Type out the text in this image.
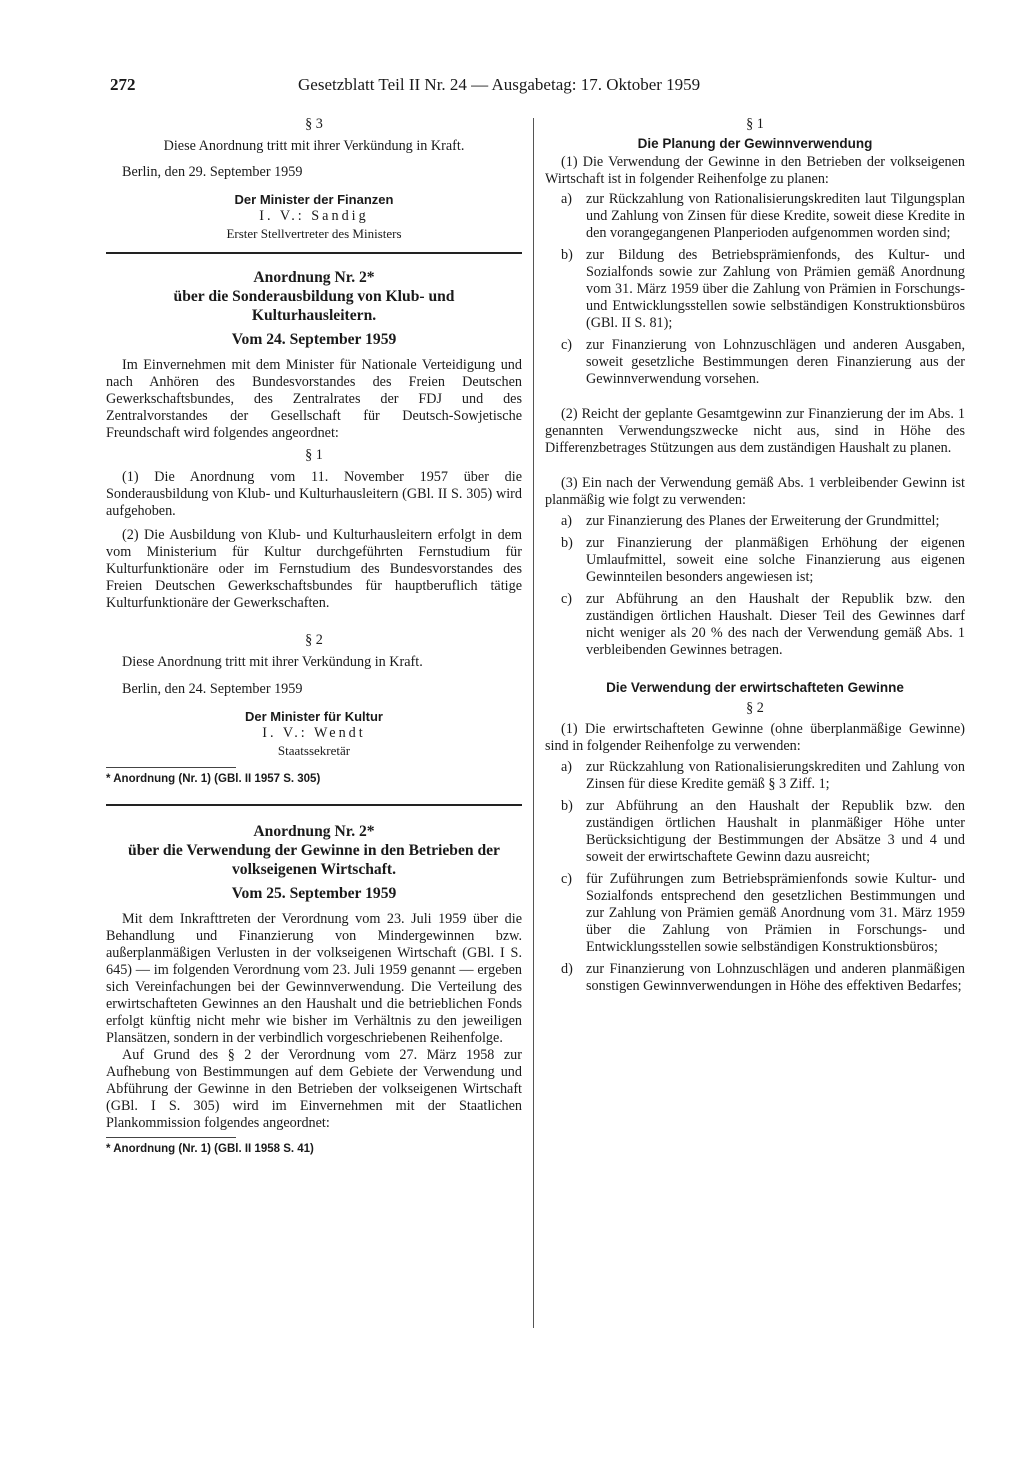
272	Gesetzblatt Teil II Nr. 24 — Ausgabetag: 17. Oktober 1959

§ 3

Diese Anordnung tritt mit ihrer Verkündung in Kraft.

Berlin, den 29. September 1959

Der Minister der Finanzen

I. V.: Sandig

Erster Stellvertreter des Ministers

Anordnung Nr. 2*

über die Sonderausbildung von Klub- und Kulturhausleitern.

Vom 24. September 1959

Im Einvernehmen mit dem Minister für Nationale Verteidigung und nach Anhören des Bundesvorstandes des Freien Deutschen Gewerkschaftsbundes, des Zentralrates der FDJ und des Zentralvorstandes der Gesellschaft für Deutsch-Sowjetische Freundschaft wird folgendes angeordnet:

§ 1

(1) Die Anordnung vom 11. November 1957 über die Sonderausbildung von Klub- und Kulturhausleitern (GBl. II S. 305) wird aufgehoben.

(2) Die Ausbildung von Klub- und Kulturhausleitern erfolgt in dem vom Ministerium für Kultur durchgeführten Fernstudium für Kulturfunktionäre oder im Fernstudium des Bundesvorstandes des Freien Deutschen Gewerkschaftsbundes für hauptberuflich tätige Kulturfunktionäre der Gewerkschaften.

§ 2

Diese Anordnung tritt mit ihrer Verkündung in Kraft.

Berlin, den 24. September 1959

Der Minister für Kultur

I. V.: Wendt

Staatssekretär

* Anordnung (Nr. 1) (GBl. II 1957 S. 305)

Anordnung Nr. 2*

über die Verwendung der Gewinne in den Betrieben der volkseigenen Wirtschaft.

Vom 25. September 1959

Mit dem Inkrafttreten der Verordnung vom 23. Juli 1959 über die Behandlung und Finanzierung von Mindergewinnen bzw. außerplanmäßigen Verlusten in der volkseigenen Wirtschaft (GBl. I S. 645) — im folgenden Verordnung vom 23. Juli 1959 genannt — ergeben sich Vereinfachungen bei der Gewinnverwendung. Die Verteilung des erwirtschafteten Gewinnes an den Haushalt und die betrieblichen Fonds erfolgt künftig nicht mehr wie bisher im Verhältnis zu den jeweiligen Plansätzen, sondern in der verbindlich vorgeschriebenen Reihenfolge.

Auf Grund des § 2 der Verordnung vom 27. März 1958 zur Aufhebung von Bestimmungen auf dem Gebiete der Verwendung und Abführung der Gewinne in den Betrieben der volkseigenen Wirtschaft (GBl. I S. 305) wird im Einvernehmen mit der Staatlichen Plankommission folgendes angeordnet:

* Anordnung (Nr. 1) (GBl. II 1958 S. 41)

§ 1

Die Planung der Gewinnverwendung

(1) Die Verwendung der Gewinne in den Betrieben der volkseigenen Wirtschaft ist in folgender Reihenfolge zu planen:

a) zur Rückzahlung von Rationalisierungskrediten laut Tilgungsplan und Zahlung von Zinsen für diese Kredite, soweit diese Kredite in den vorangegangenen Planperioden aufgenommen worden sind;

b) zur Bildung des Betriebsprämienfonds, des Kultur- und Sozialfonds sowie zur Zahlung von Prämien gemäß Anordnung vom 31. März 1959 über die Zahlung von Prämien in Forschungs- und Entwicklungsstellen sowie selbständigen Konstruktionsbüros (GBl. II S. 81);

c) zur Finanzierung von Lohnzuschlägen und anderen Ausgaben, soweit gesetzliche Bestimmungen deren Finanzierung aus der Gewinnverwendung vorsehen.

(2) Reicht der geplante Gesamtgewinn zur Finanzierung der im Abs. 1 genannten Verwendungszwecke nicht aus, sind in Höhe des Differenzbetrages Stützungen aus dem zuständigen Haushalt zu planen.

(3) Ein nach der Verwendung gemäß Abs. 1 verbleibender Gewinn ist planmäßig wie folgt zu verwenden:

a) zur Finanzierung des Planes der Erweiterung der Grundmittel;

b) zur Finanzierung der planmäßigen Erhöhung der eigenen Umlaufmittel, soweit eine solche Finanzierung aus eigenen Gewinnteilen besonders angewiesen ist;

c) zur Abführung an den Haushalt der Republik bzw. den zuständigen örtlichen Haushalt. Dieser Teil des Gewinnes darf nicht weniger als 20 % des nach der Verwendung gemäß Abs. 1 verbleibenden Gewinnes betragen.

Die Verwendung der erwirtschafteten Gewinne

§ 2

(1) Die erwirtschafteten Gewinne (ohne überplanmäßige Gewinne) sind in folgender Reihenfolge zu verwenden:

a) zur Rückzahlung von Rationalisierungskrediten und Zahlung von Zinsen für diese Kredite gemäß § 3 Ziff. 1;

b) zur Abführung an den Haushalt der Republik bzw. den zuständigen örtlichen Haushalt in planmäßiger Höhe unter Berücksichtigung der Bestimmungen der Absätze 3 und 4 und soweit der erwirtschaftete Gewinn dazu ausreicht;

c) für Zuführungen zum Betriebsprämienfonds sowie Kultur- und Sozialfonds entsprechend den gesetzlichen Bestimmungen und zur Zahlung von Prämien gemäß Anordnung vom 31. März 1959 über die Zahlung von Prämien in Forschungs- und Entwicklungsstellen sowie selbständigen Konstruktionsbüros;

d) zur Finanzierung von Lohnzuschlägen und anderen planmäßigen sonstigen Gewinnverwendungen in Höhe des effektiven Bedarfes;
